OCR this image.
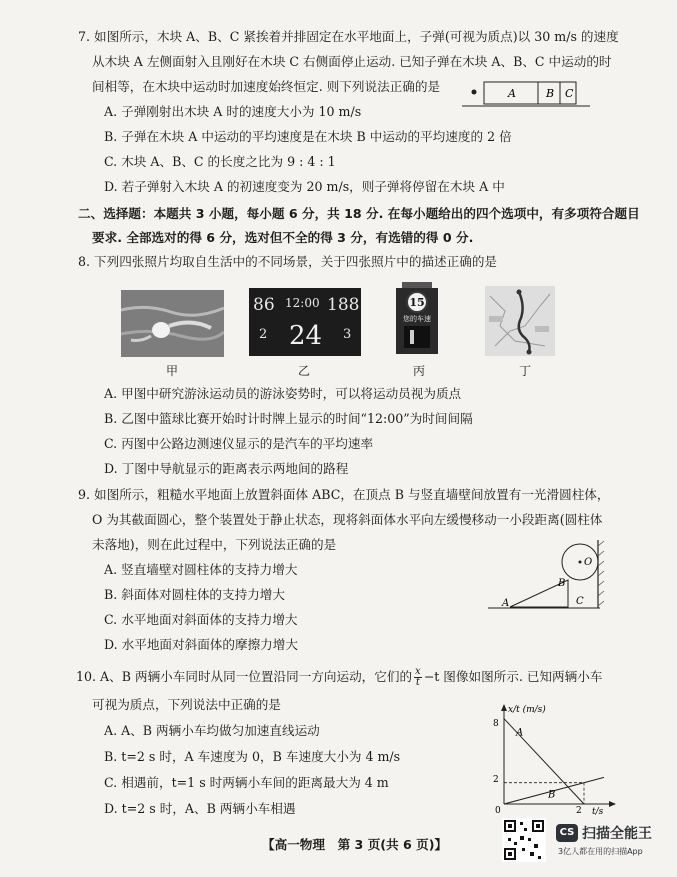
7. 如图所示，木块 A、B、C 紧挨着并排固定在水平地面上，子弹(可视为质点)以 30 m/s 的速度
从木块 A 左侧面射入且刚好在木块 C 右侧面停止运动. 已知子弹在木块 A、B、C 中运动的时
间相等，在木块中运动时加速度始终恒定. 则下列说法正确的是	A	B C
A. 子弹刚射出木块 A 时的速度大小为 10 m/s
B. 子弹在木块 A 中运动的平均速度是在木块 B 中运动的平均速度的 2 倍
C. 木块 A、B、C 的长度之比为 9 : 4 : 1
D. 若子弹射入木块 A 的初速度变为 20 m/s，则子弹将停留在木块 A 中
二、选择题：本题共 3 小题，每小题 6 分，共 18 分. 在每小题给出的四个选项中，有多项符合题目
要求. 全部选对的得 6 分，选对但不全的得 3 分，有选错的得 0 分.
8. 下列四张照片均取自生活中的不同场景，关于四张照片中的描述正确的是
甲
86 12:00 188
2 24 3
乙
15
您的车速
丙	丁
A. 甲图中研究游泳运动员的游泳姿势时，可以将运动员视为质点
B. 乙图中篮球比赛开始时计时牌上显示的时间“12:00”为时间间隔
C. 丙图中公路边测速仪显示的是汽车的平均速率
D. 丁图中导航显示的距离表示两地间的路程
9. 如图所示，粗糙水平地面上放置斜面体 ABC，在顶点 B 与竖直墙壁间放置有一光滑圆柱体，
O 为其截面圆心，整个装置处于静止状态，现将斜面体水平向左缓慢移动一小段距离(圆柱体
未落地)，则在此过程中，下列说法正确的是
A. 竖直墙壁对圆柱体的支持力增大
B. 斜面体对圆柱体的支持力增大
C. 水平地面对斜面体的支持力增大
D. 水平地面对斜面体的摩擦力增大
O
A
B
C
10. A、B 两辆小车同时从同一位置沿同一方向运动，它们的 $\frac{x}{t} -t$ 图像如图所示. 已知两辆小车
可视为质点，下列说法中正确的是
A. A、B 两辆小车均做匀加速直线运动
B. t=2 s 时，A 车速度为 0，B 车速度大小为 4 m/s
C. 相遇前，t=1 s 时两辆小车间的距离最大为 4 m
D. t=2 s 时，A、B 两辆小车相遇
x/t (m/s)
t/s
8
2
0	2
A
B
【高一物理　第 3 页(共 6 页)】
CS 扫描全能王
3亿人都在用的扫描App
